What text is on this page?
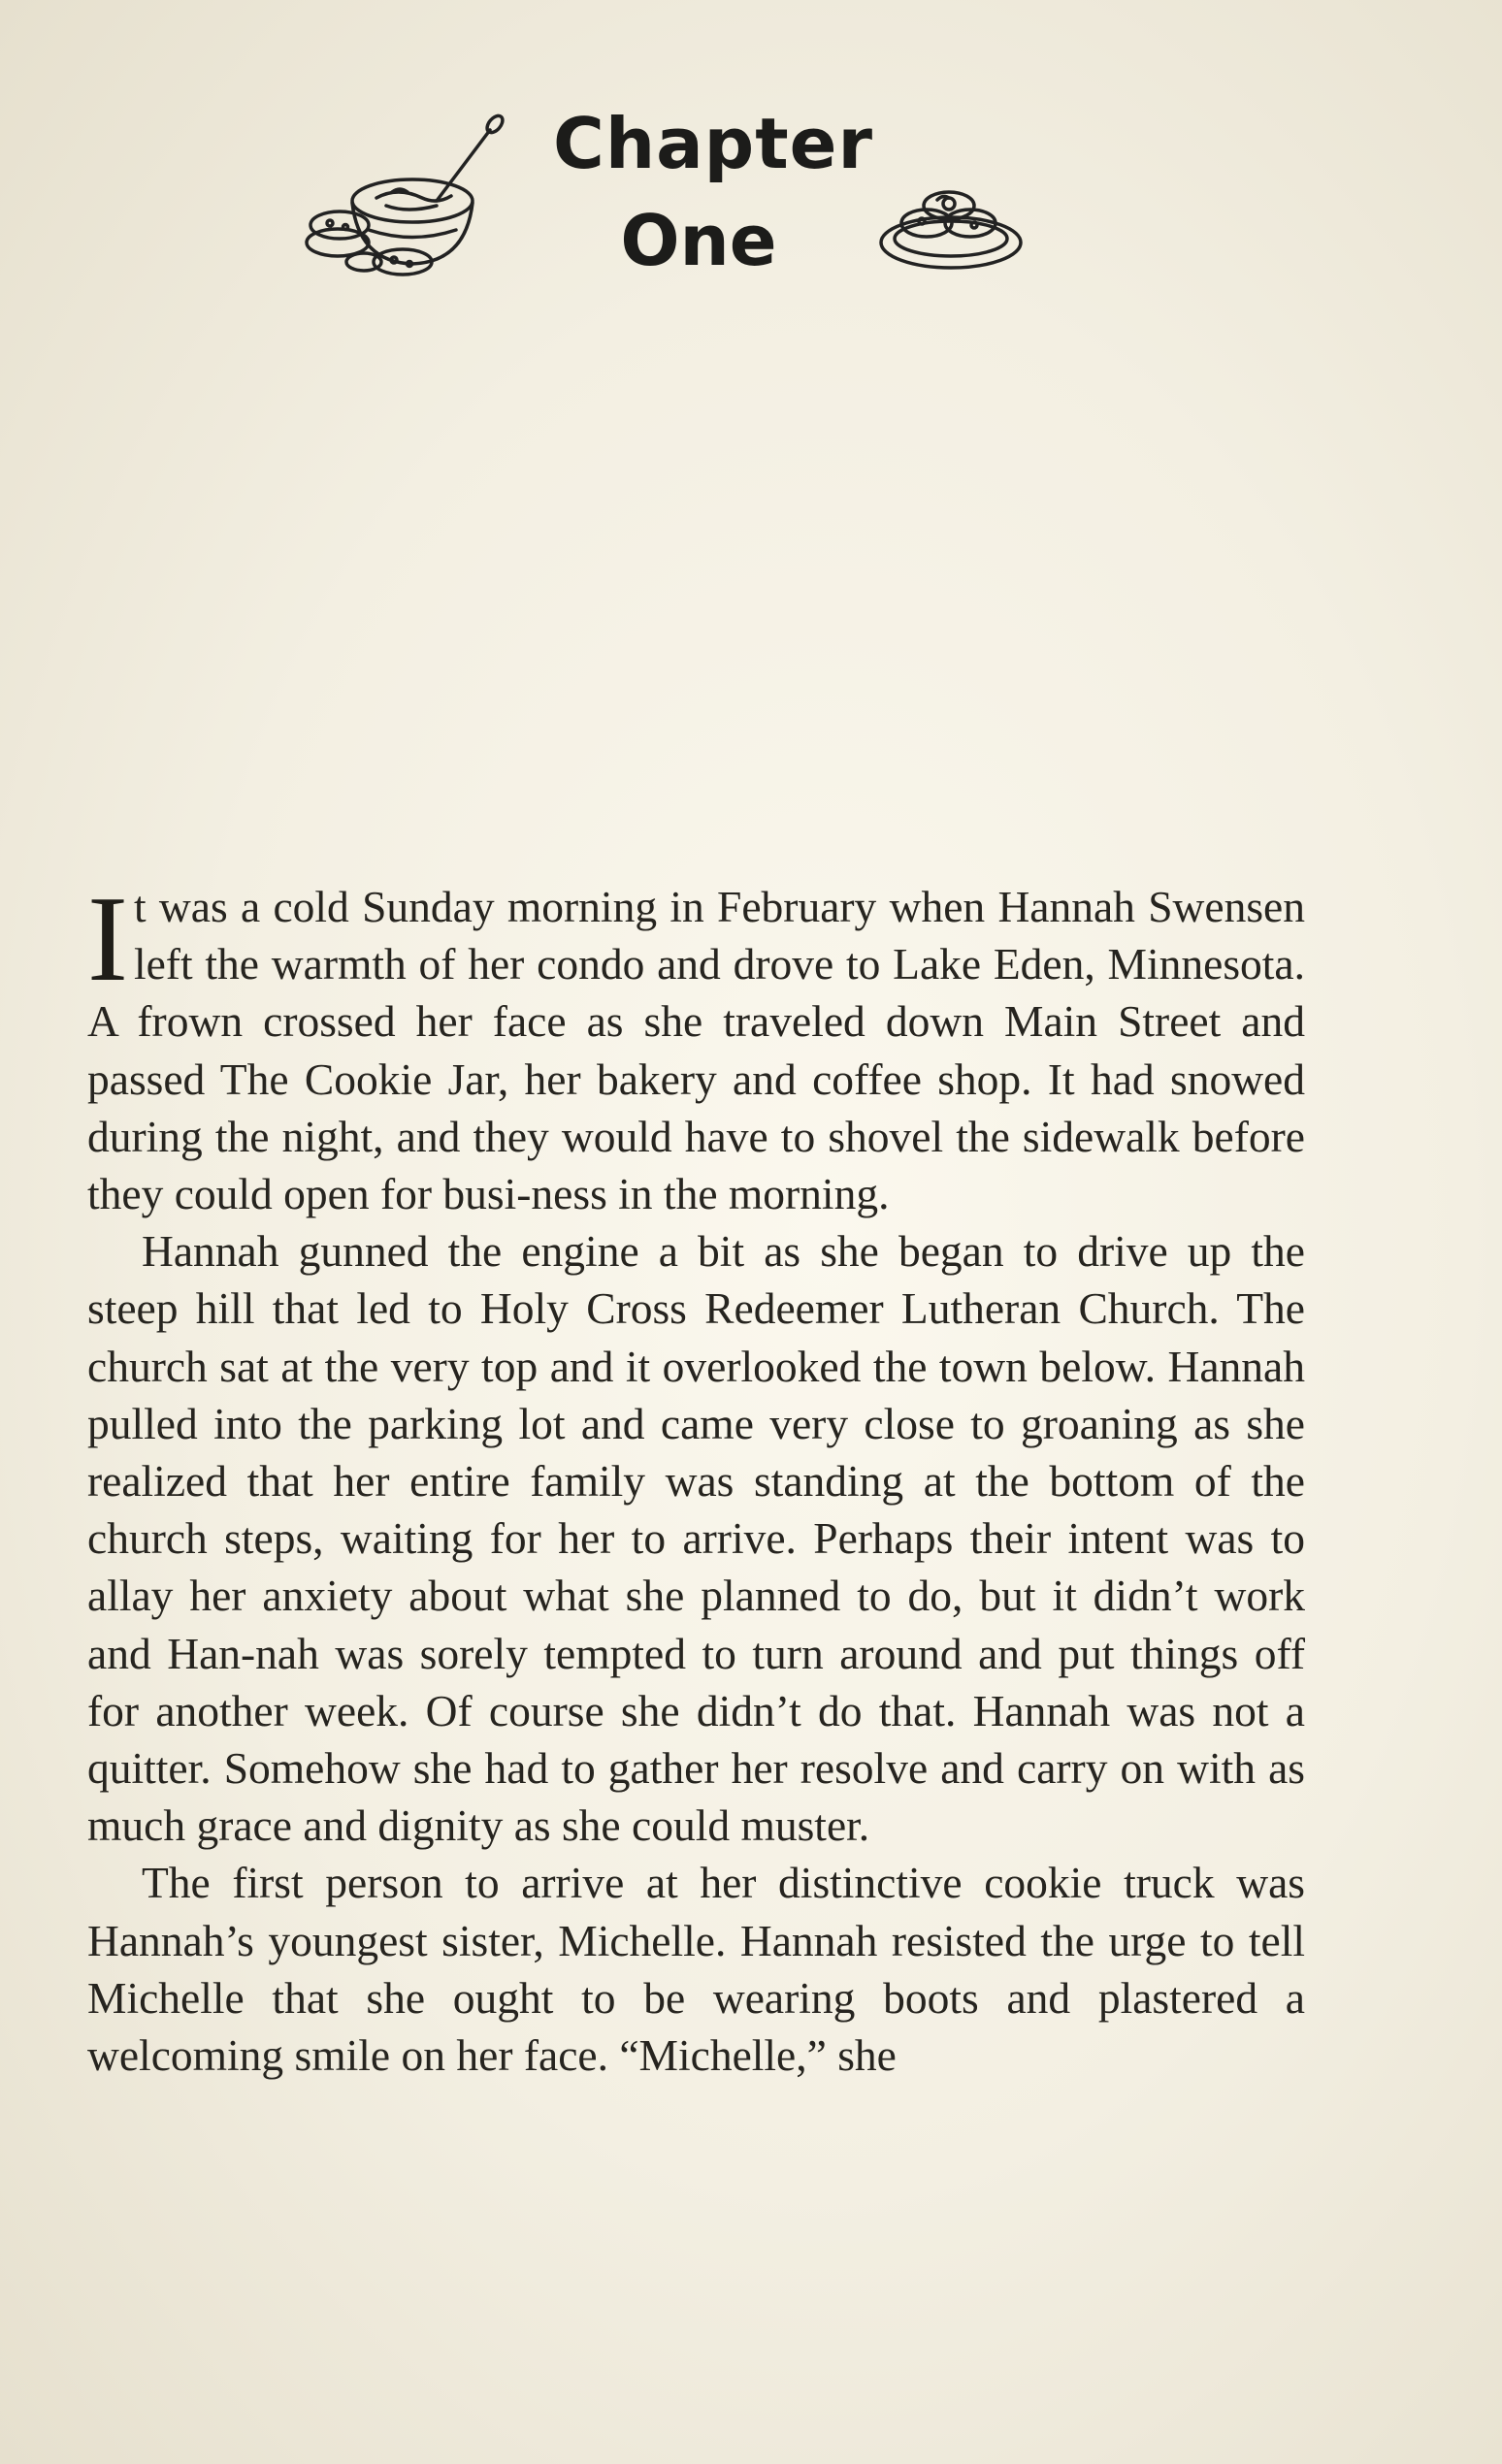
Chapter
One

It was a cold Sunday morning in February when Hannah Swensen left the warmth of her condo and drove to Lake Eden, Minnesota. A frown crossed her face as she traveled down Main Street and passed The Cookie Jar, her bakery and coffee shop. It had snowed during the night, and they would have to shovel the sidewalk before they could open for busi-ness in the morning.

Hannah gunned the engine a bit as she began to drive up the steep hill that led to Holy Cross Redeemer Lutheran Church. The church sat at the very top and it overlooked the town below. Hannah pulled into the parking lot and came very close to groaning as she realized that her entire family was standing at the bottom of the church steps, waiting for her to arrive. Perhaps their intent was to allay her anxiety about what she planned to do, but it didn’t work and Han-nah was sorely tempted to turn around and put things off for another week. Of course she didn’t do that. Hannah was not a quitter. Somehow she had to gather her resolve and carry on with as much grace and dignity as she could muster.

The first person to arrive at her distinctive cookie truck was Hannah’s youngest sister, Michelle. Hannah resisted the urge to tell Michelle that she ought to be wearing boots and plastered a welcoming smile on her face. “Michelle,” she
